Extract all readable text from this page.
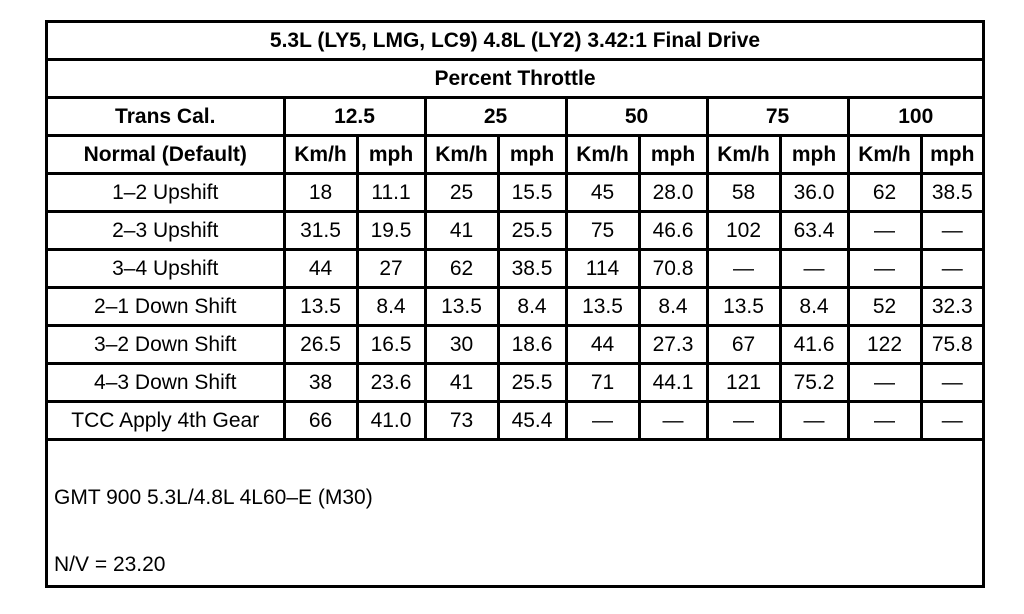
5.3L (LY5, LMG, LC9) 4.8L (LY2) 3.42:1 Final Drive										
Percent Throttle										
Trans Cal.	12.5		25		50		75		100	
Normal (Default)	Km/h	mph	Km/h	mph	Km/h	mph	Km/h	mph	Km/h	mph
1–2 Upshift	18	11.1	25	15.5	45	28.0	58	36.0	62	38.5
2–3 Upshift	31.5	19.5	41	25.5	75	46.6	102	63.4	—	—
3–4 Upshift	44	27	62	38.5	114	70.8	—	—	—	—
2–1 Down Shift	13.5	8.4	13.5	8.4	13.5	8.4	13.5	8.4	52	32.3
3–2 Down Shift	26.5	16.5	30	18.6	44	27.3	67	41.6	122	75.8
4–3 Down Shift	38	23.6	41	25.5	71	44.1	121	75.2	—	—
TCC Apply 4th Gear	66	41.0	73	45.4	—	—	—	—	—	—
GMT 900 5.3L/4.8L 4L60–E (M30)
N/V = 23.20
